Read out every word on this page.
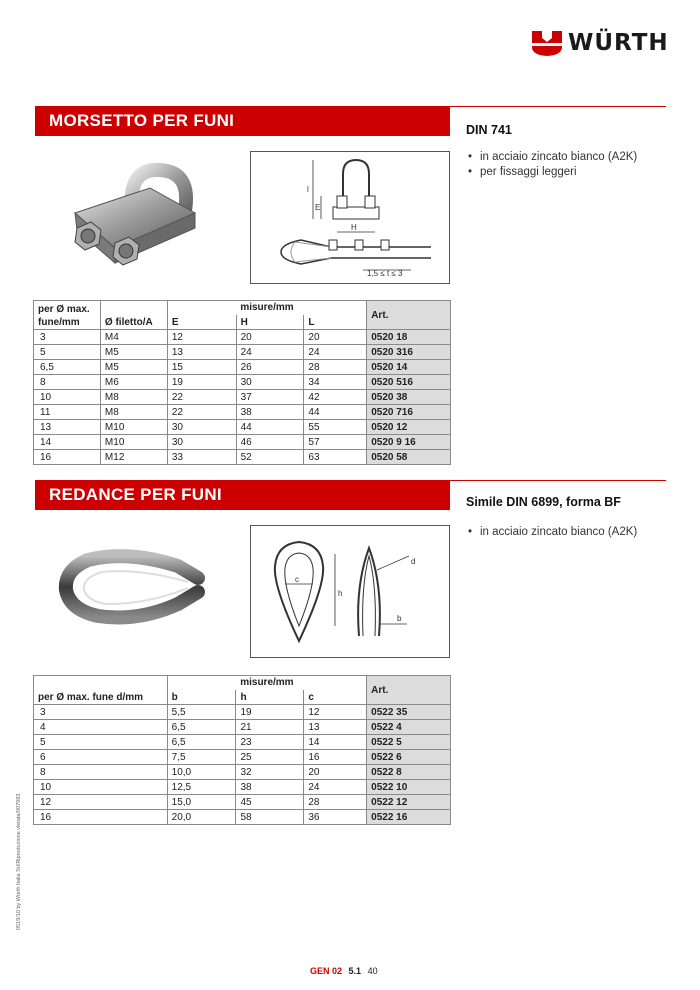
WÜRTH
MORSETTO PER FUNI	DIN 741
• in acciaio zincato bianco (A2K)
• per fissaggi leggeri
l
E
H
1,5 ≤ t ≤ 3
per Ø max. fune/mm	Ø filetto/A	misure/mm			Art.
		E	H	L	
3	M4	12	20	20	0520 18
5	M5	13	24	24	0520 316
6,5	M5	15	26	28	0520 14
8	M6	19	30	34	0520 516
10	M8	22	37	42	0520 38
11	M8	22	38	44	0520 716
13	M10	30	44	55	0520 12
14	M10	30	46	57	0520 9 16
16	M12	33	52	63	0520 58
REDANCE PER FUNI	Simile DIN 6899, forma BF
• in acciaio zincato bianco (A2K)
c
h
d
b
per Ø max. fune d/mm	misure/mm			Art.
	b	h	c	
3	5,5	19	12	0522 35
4	6,5	21	13	0522 4
5	6,5	23	14	0522 5
6	7,5	25	16	0522 6
8	10,0	32	20	0522 8
10	12,5	38	24	0522 10
12	15,0	45	28	0522 12
16	20,0	58	36	0522 16
0519/10 by Würth Italia Srl/Riproduzione vietata/007983
GEN 02 5.1 40
